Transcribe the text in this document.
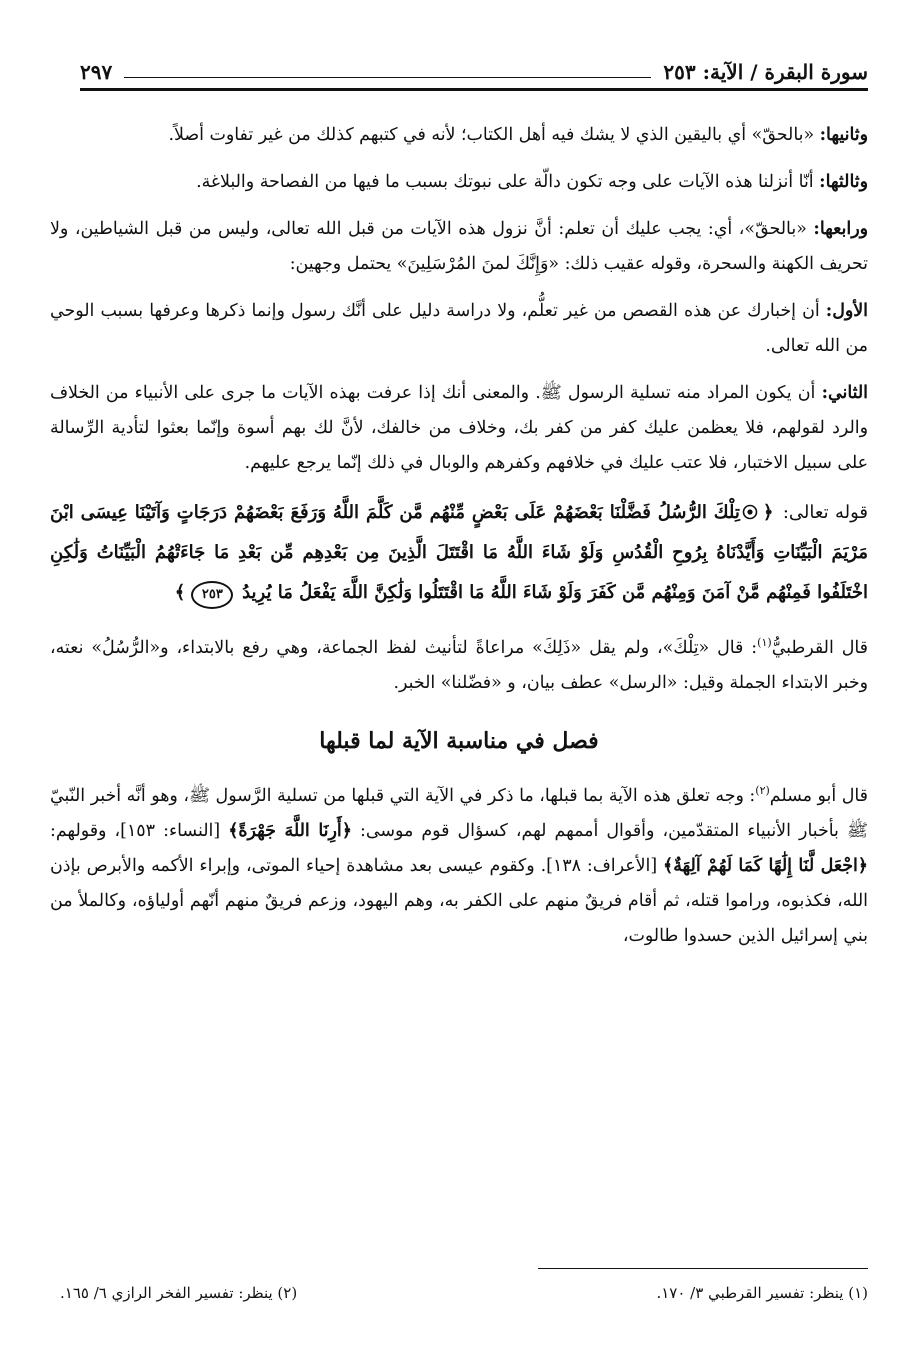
سورة البقرة / الآية: ٢٥٣
٢٩٧

وثانيها: «بالحقّ» أي باليقين الذي لا يشك فيه أهل الكتاب؛ لأنه في كتبهم كذلك من غير تفاوت أصلاً.

وثالثها: أنّا أنزلنا هذه الآيات على وجه تكون دالّة على نبوتك بسبب ما فيها من الفصاحة والبلاغة.

ورابعها: «بالحقّ»، أي: يجب عليك أن تعلم: أنَّ نزول هذه الآيات من قبل الله تعالى، وليس من قبل الشياطين، ولا تحريف الكهنة والسحرة، وقوله عقيب ذلك: «وَإِنَّكَ لمنَ المُرْسَلِينَ» يحتمل وجهين:

الأول: أن إخبارك عن هذه القصص من غير تعلُّم، ولا دراسة دليل على أنَّك رسول وإنما ذكرها وعرفها بسبب الوحي من الله تعالى.

الثاني: أن يكون المراد منه تسلية الرسول ﷺ. والمعنى أنك إذا عرفت بهذه الآيات ما جرى على الأنبياء من الخلاف والرد لقولهم، فلا يعظمن عليك كفر من كفر بك، وخلاف من خالفك، لأنَّ لك بهم أسوة وإنّما بعثوا لتأدية الرِّسالة على سبيل الاختبار، فلا عتب عليك في خلافهم وكفرهم والوبال في ذلك إنّما يرجع عليهم.

قوله تعالى: ﴿تِلْكَ الرُّسُلُ فَضَّلْنَا بَعْضَهُمْ عَلَى بَعْضٍ مِّنْهُم مَّن كَلَّمَ اللَّهُ وَرَفَعَ بَعْضَهُمْ دَرَجَاتٍ وَآتَيْنَا عِيسَى ابْنَ مَرْيَمَ الْبَيِّنَاتِ وَأَيَّدْنَاهُ بِرُوحِ الْقُدُسِ وَلَوْ شَاءَ اللَّهُ مَا اقْتَتَلَ الَّذِينَ مِن بَعْدِهِم مِّن بَعْدِ مَا جَاءَتْهُمُ الْبَيِّنَاتُ وَلَٰكِنِ اخْتَلَفُوا فَمِنْهُم مَّنْ آمَنَ وَمِنْهُم مَّن كَفَرَ وَلَوْ شَاءَ اللَّهُ مَا اقْتَتَلُوا وَلَٰكِنَّ اللَّهَ يَفْعَلُ مَا يُرِيدُ ٢٥٣﴾

قال القرطبيُّ$^{(١)}$: قال «تِلْكَ»، ولم يقل «ذَلِكَ» مراعاةً لتأنيث لفظ الجماعة، وهي رفع بالابتداء، و«الرُّسُلُ» نعته، وخبر الابتداء الجملة وقيل: «الرسل» عطف بيان، و «فضّلنا» الخبر.

فصل في مناسبة الآية لما قبلها

قال أبو مسلم$^{(٢)}$: وجه تعلق هذه الآية بما قبلها، ما ذكر في الآية التي قبلها من تسلية الرَّسول ﷺ، وهو أنَّه أخبر النّبيّ ﷺ بأخبار الأنبياء المتقدّمين، وأقوال أممهم لهم، كسؤال قوم موسى: ﴿أَرِنَا اللَّهَ جَهْرَةً﴾ [النساء: ١٥٣]، وقولهم: ﴿اجْعَل لَّنَا إِلَٰهًا كَمَا لَهُمْ آلِهَةٌ﴾ [الأعراف: ١٣٨]. وكقوم عيسى بعد مشاهدة إحياء الموتى، وإبراء الأكمه والأبرص بإذن الله، فكذبوه، وراموا قتله، ثم أقام فريقٌ منهم على الكفر به، وهم اليهود، وزعم فريقٌ منهم أنّهم أولياؤه، وكالملأ من بني إسرائيل الذين حسدوا طالوت،

(١) ينظر: تفسير القرطبي ٣/ ١٧٠.
(٢) ينظر: تفسير الفخر الرازي ٦/ ١٦٥.
